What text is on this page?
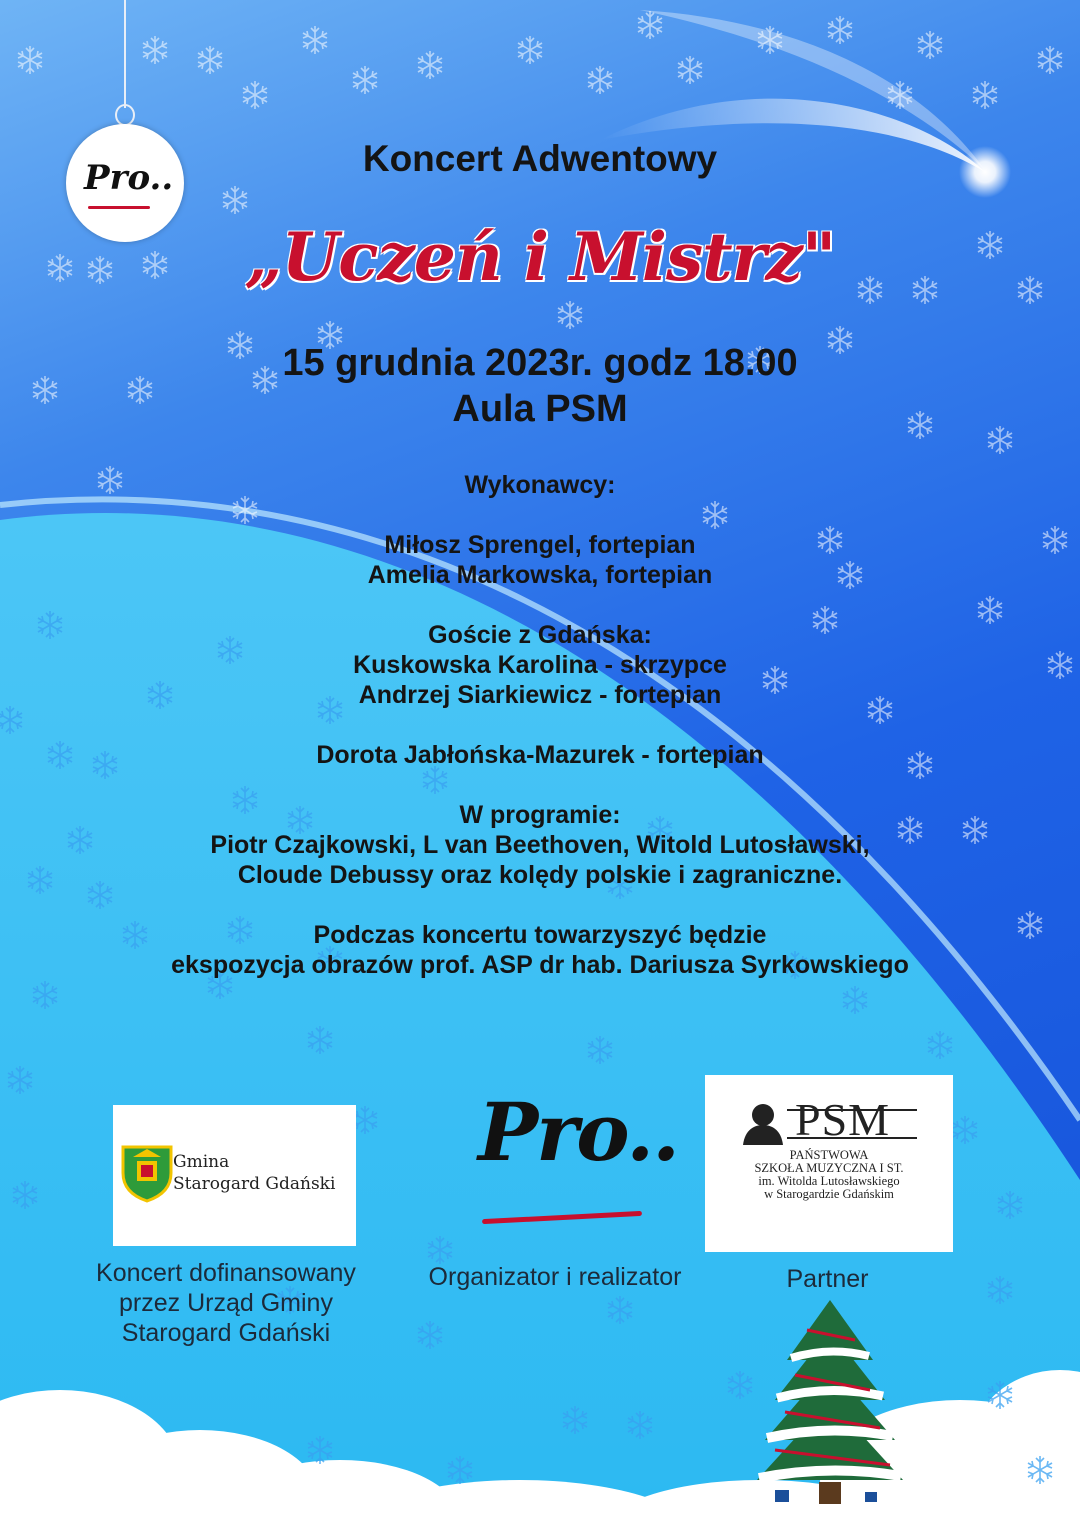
Pro..	Koncert Adwentowy
„Uczeń i Mistrz"
15 grudnia 2023r. godz 18.00
Aula PSM
Wykonawcy:
Miłosz Sprengel, fortepian
Amelia Markowska, fortepian
Goście z Gdańska:
Kuskowska Karolina - skrzypce
Andrzej Siarkiewicz - fortepian
Dorota Jabłońska-Mazurek - fortepian
W programie:
Piotr Czajkowski, L van Beethoven, Witold Lutosławski,
Cloude Debussy oraz kolędy polskie i zagraniczne.
Podczas koncertu towarzyszyć będzie
ekspozycja obrazów prof. ASP dr hab. Dariusza Syrkowskiego
Gmina
Starogard Gdański
Koncert dofinansowany
przez Urząd Gminy
Starogard Gdański
Pro..
Organizator i realizator
PSM
PAŃSTWOWA
SZKOŁA MUZYCZNA I ST.
im. Witolda Lutosławskiego
w Starogardzie Gdańskim
Partner
